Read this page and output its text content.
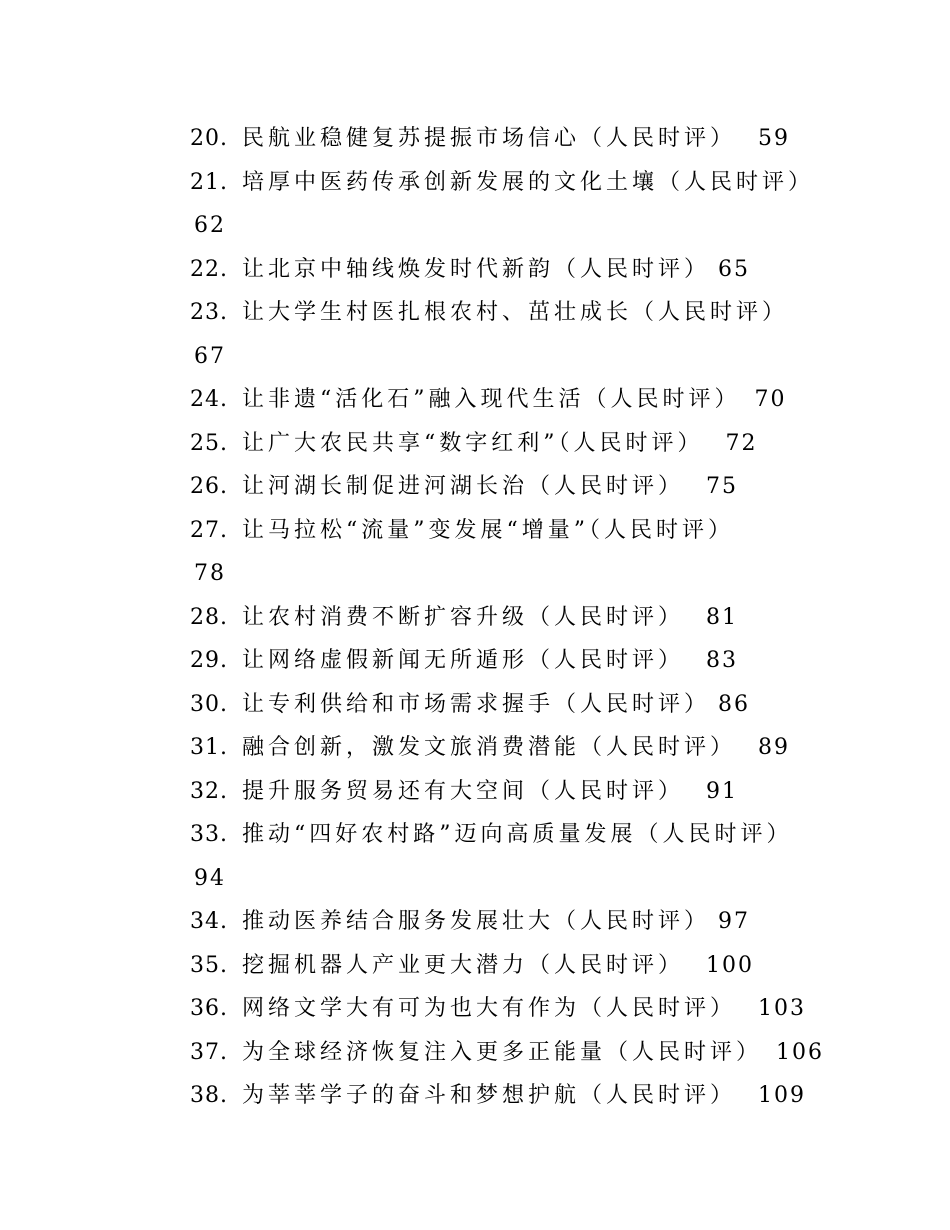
20. 民航业稳健复苏提振市场信心（人民时评） 59
21. 培厚中医药传承创新发展的文化土壤（人民时评）
62
22. 让北京中轴线焕发时代新韵（人民时评） 65
23. 让大学生村医扎根农村、茁壮成长（人民时评）
67
24. 让非遗“活化石”融入现代生活（人民时评） 70
25. 让广大农民共享“数字红利”（人民时评） 72
26. 让河湖长制促进河湖长治（人民时评） 75
27. 让马拉松“流量”变发展“增量”（人民时评）
78
28. 让农村消费不断扩容升级（人民时评） 81
29. 让网络虚假新闻无所遁形（人民时评） 83
30. 让专利供给和市场需求握手（人民时评） 86
31. 融合创新，激发文旅消费潜能（人民时评） 89
32. 提升服务贸易还有大空间（人民时评） 91
33. 推动“四好农村路”迈向高质量发展（人民时评）
94
34. 推动医养结合服务发展壮大（人民时评） 97
35. 挖掘机器人产业更大潜力（人民时评） 100
36. 网络文学大有可为也大有作为（人民时评） 103
37. 为全球经济恢复注入更多正能量（人民时评） 106
38. 为莘莘学子的奋斗和梦想护航（人民时评） 109
